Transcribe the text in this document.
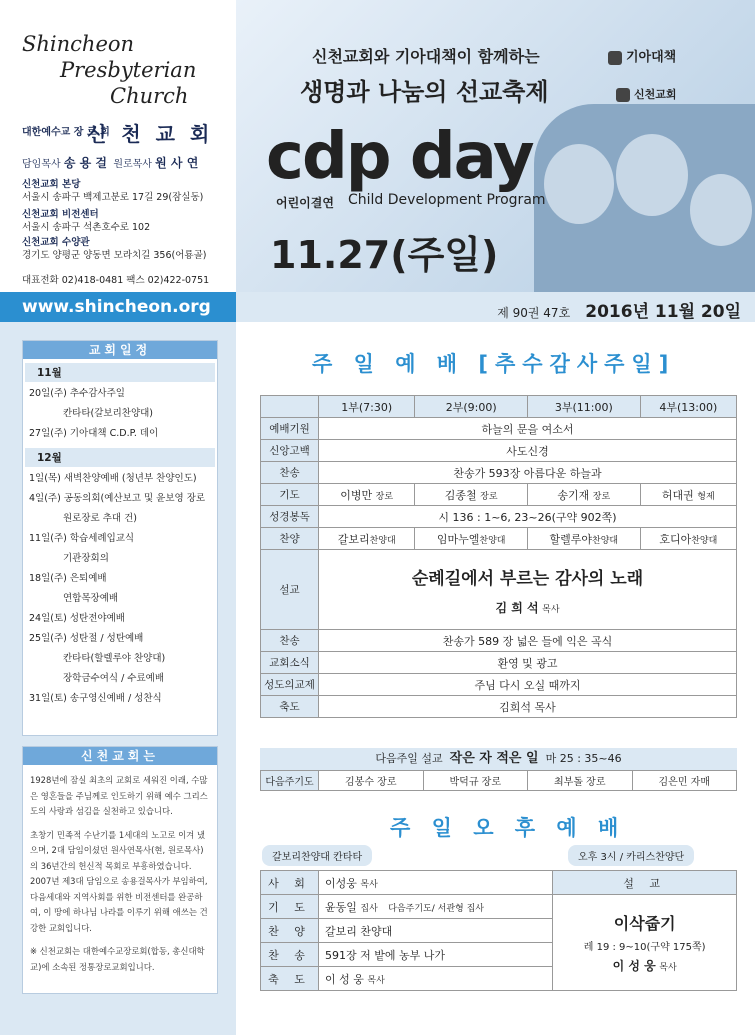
Shincheon
Presbyterian
Church
대한예수교 장 로 회 신 천 교 회
담임목사 송 용 걸 원로목사 원 사 연
신천교회 본당
서울시 송파구 백제고분로 17길 29(잠실동)
신천교회 비전센터
서울시 송파구 석촌호수로 102
신천교회 수양관
경기도 양평군 양동면 모라치길 356(어룡골)
대표전화 02)418-0481 팩스 02)422-0751
www.shincheon.org
교회일정
11월
20일(주) 추수감사주일
칸타타(갈보리찬양대)
27일(주) 기아대책 C.D.P. 데이
12월
1일(목) 새벽찬양예배 (청년부 찬양인도)
4일(주) 공동의회(예산보고 및 윤보영 장로
원로장로 추대 건)
11일(주) 학습세례입교식
기관장회의
18일(주) 은퇴예배
연합목장예배
24일(토) 성탄전야예배
25일(주) 성탄절 / 성탄예배
칸타타(할렐루야 찬양대)
장학금수여식 / 수료예배
31일(토) 송구영신예배 / 성찬식
신천교회는

1928년에 잠실 최초의 교회로 세워진 이래, 수많은 영혼들을 주님께로 인도하기 위해 예수 그리스도의 사랑과 섬김을 실천하고 있습니다.

초창기 민족적 수난기를 1세대의 노고로 이겨 냈으며, 2대 담임이셨던 원사연목사(현, 원로목사)의 36년간의 헌신적 목회로 부흥하였습니다. 2007년 제3대 담임으로 송용걸목사가 부임하여, 다음세대와 지역사회를 위한 비전센터를 완공하여, 이 땅에 하나님 나라를 이루기 위해 애쓰는 건강한 교회입니다.

※ 신천교회는 대한예수교장로회(합동, 총신대학교)에 소속된 정통장로교회입니다.

신천교회와 기아대책이 함께하는
생명과 나눔의 선교축제
기아대책
신천교회
cdp day
어린이결연 Child Development Program
11.27(주일)
제 90권 47호 2016년 11월 20일
주 일 예 배 [추수감사주일]
	1부(7:30)	2부(9:00)	3부(11:00)	4부(13:00)
예배기원	하늘의 문을 여소서			
신앙고백	사도신경			
찬송	찬송가 593장 아름다운 하늘과			
기도	이병만 장로	김종철 장로	송기재 장로	허대권 형제
성경봉독	시 136 : 1~6, 23~26(구약 902쪽)			
찬양	갈보리찬양대	임마누엘찬양대	할렐루야찬양대	호디아찬양대
설교	순례길에서 부르는 감사의 노래
김 희 석 목사			
찬송	찬송가 589 장 넓은 들에 익은 곡식			
교회소식	환영 및 광고			
성도의교제	주님 다시 오실 때까지			
축도	김희석 목사			
다음주일 설교 작은 자 적은 일 마 25 : 35~46
다음주기도	김봉수 장로	박덕규 장로	최부돌 장로	김은민 자매
주 일 오 후 예 배
갈보리찬양대 칸타타	오후 3시 / 카리스찬양단
사 회	이성웅 목사	설 교
기 도	윤동일 집사 다음주기도/ 서관형 집사	이삭줍기
레 19 : 9~10(구약 175쪽)
이 성 웅 목사
찬 양	갈보리 찬양대	
찬 송	591장 저 밭에 농부 나가	
축 도	이 성 웅 목사	
